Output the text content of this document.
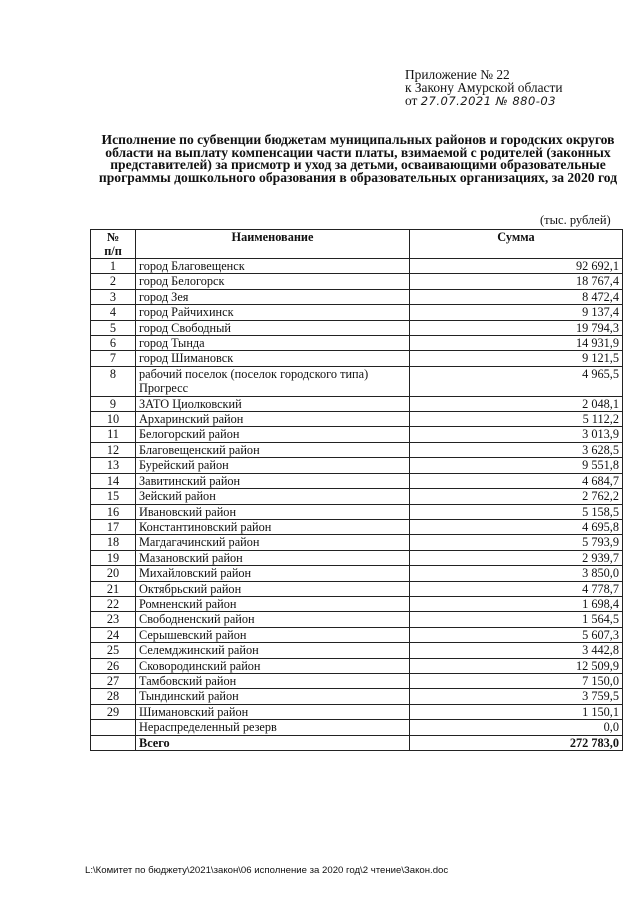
Приложение № 22
к Закону Амурской области
от 27.07.2021 № 880-03
Исполнение по субвенции бюджетам муниципальных районов и городских округов области на выплату компенсации части платы, взимаемой с родителей (законных представителей) за присмотр и уход за детьми, осваивающими образовательные программы дошкольного образования в образовательных организациях, за 2020 год
(тыс. рублей)
№
п/п	Наименование	Сумма
1	город Благовещенск	92 692,1
2	город Белогорск	18 767,4
3	город Зея	8 472,4
4	город Райчихинск	9 137,4
5	город Свободный	19 794,3
6	город Тында	14 931,9
7	город Шимановск	9 121,5
8	рабочий поселок (поселок городского типа) Прогресс	4 965,5
9	ЗАТО Циолковский	2 048,1
10	Архаринский район	5 112,2
11	Белогорский район	3 013,9
12	Благовещенский район	3 628,5
13	Бурейский район	9 551,8
14	Завитинский район	4 684,7
15	Зейский район	2 762,2
16	Ивановский район	5 158,5
17	Константиновский район	4 695,8
18	Магдагачинский район	5 793,9
19	Мазановский район	2 939,7
20	Михайловский район	3 850,0
21	Октябрьский район	4 778,7
22	Ромненский район	1 698,4
23	Свободненский район	1 564,5
24	Серышевский район	5 607,3
25	Селемджинский район	3 442,8
26	Сковородинский район	12 509,9
27	Тамбовский район	7 150,0
28	Тындинский район	3 759,5
29	Шимановский район	1 150,1
	Нераспределенный резерв	0,0
	Всего	272 783,0
L:\Комитет по бюджету\2021\закон\06 исполнение за 2020 год\2 чтение\Закон.doc
